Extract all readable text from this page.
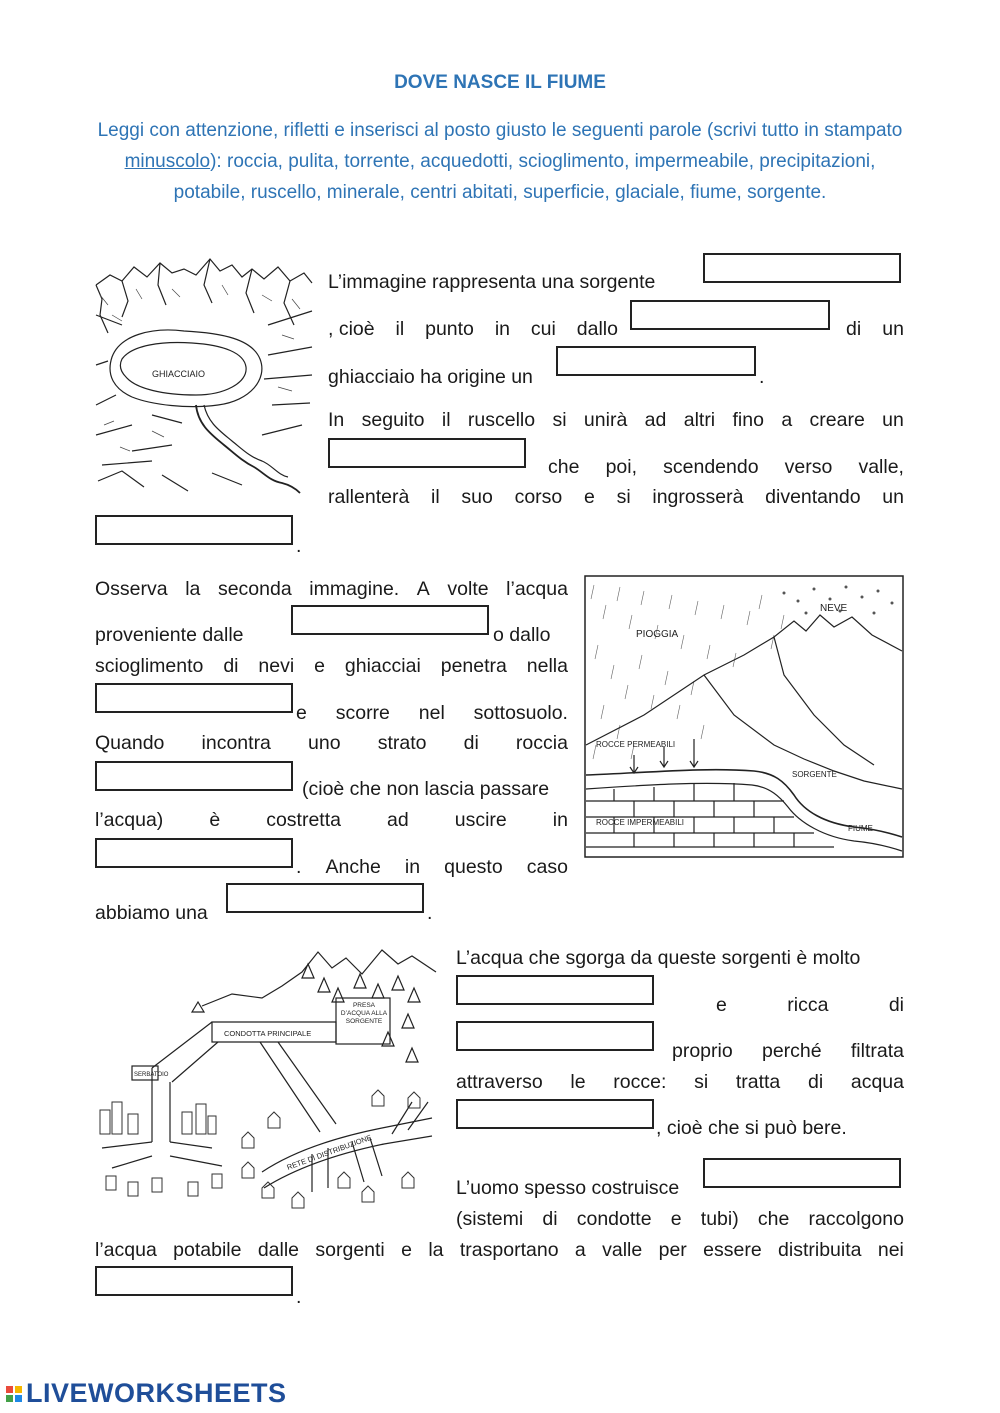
DOVE NASCE IL FIUME
Leggi con attenzione, rifletti e inserisci al posto giusto le seguenti parole (scrivi tutto in stampato minuscolo): roccia, pulita, torrente, acquedotti, scioglimento, impermeabile, precipitazioni, potabile, ruscello, minerale, centri abitati, superficie, glaciale, fiume, sorgente.
GHIACCIAIO
L’immagine rappresenta una sorgente
, cioè il punto in cui dallo	di un
ghiacciaio ha origine un	.
In seguito il ruscello si unirà ad altri fino a creare un
che poi, scendendo verso valle,
rallenterà il suo corso e si ingrosserà diventando un
.
Osserva la seconda immagine. A volte l’acqua
proveniente dalle	o dallo
scioglimento di nevi e ghiacciai penetra nella
e scorre nel sottosuolo.
Quando incontra uno strato di roccia
(cioè che non lascia passare
l’acqua) è costretta ad uscire in
. Anche in questo caso
abbiamo una	.
PIOGGIA
NEVE
ROCCE PERMEABILI
SORGENTE
ROCCE IMPERMEABILI
FIUME
CONDOTTA PRINCIPALE
PRESA D’ACQUA ALLA SORGENTE
SERBATOIO
RETE DI DISTRIBUZIONE
L’acqua che sgorga da queste sorgenti è molto
e	ricca	di
proprio perché filtrata
attraverso le rocce: si tratta di acqua
, cioè che si può bere.
L’uomo spesso costruisce
(sistemi di condotte e tubi) che raccolgono
l’acqua potabile dalle sorgenti e la trasportano a valle per essere distribuita nei
.
LIVEWORKSHEETS
